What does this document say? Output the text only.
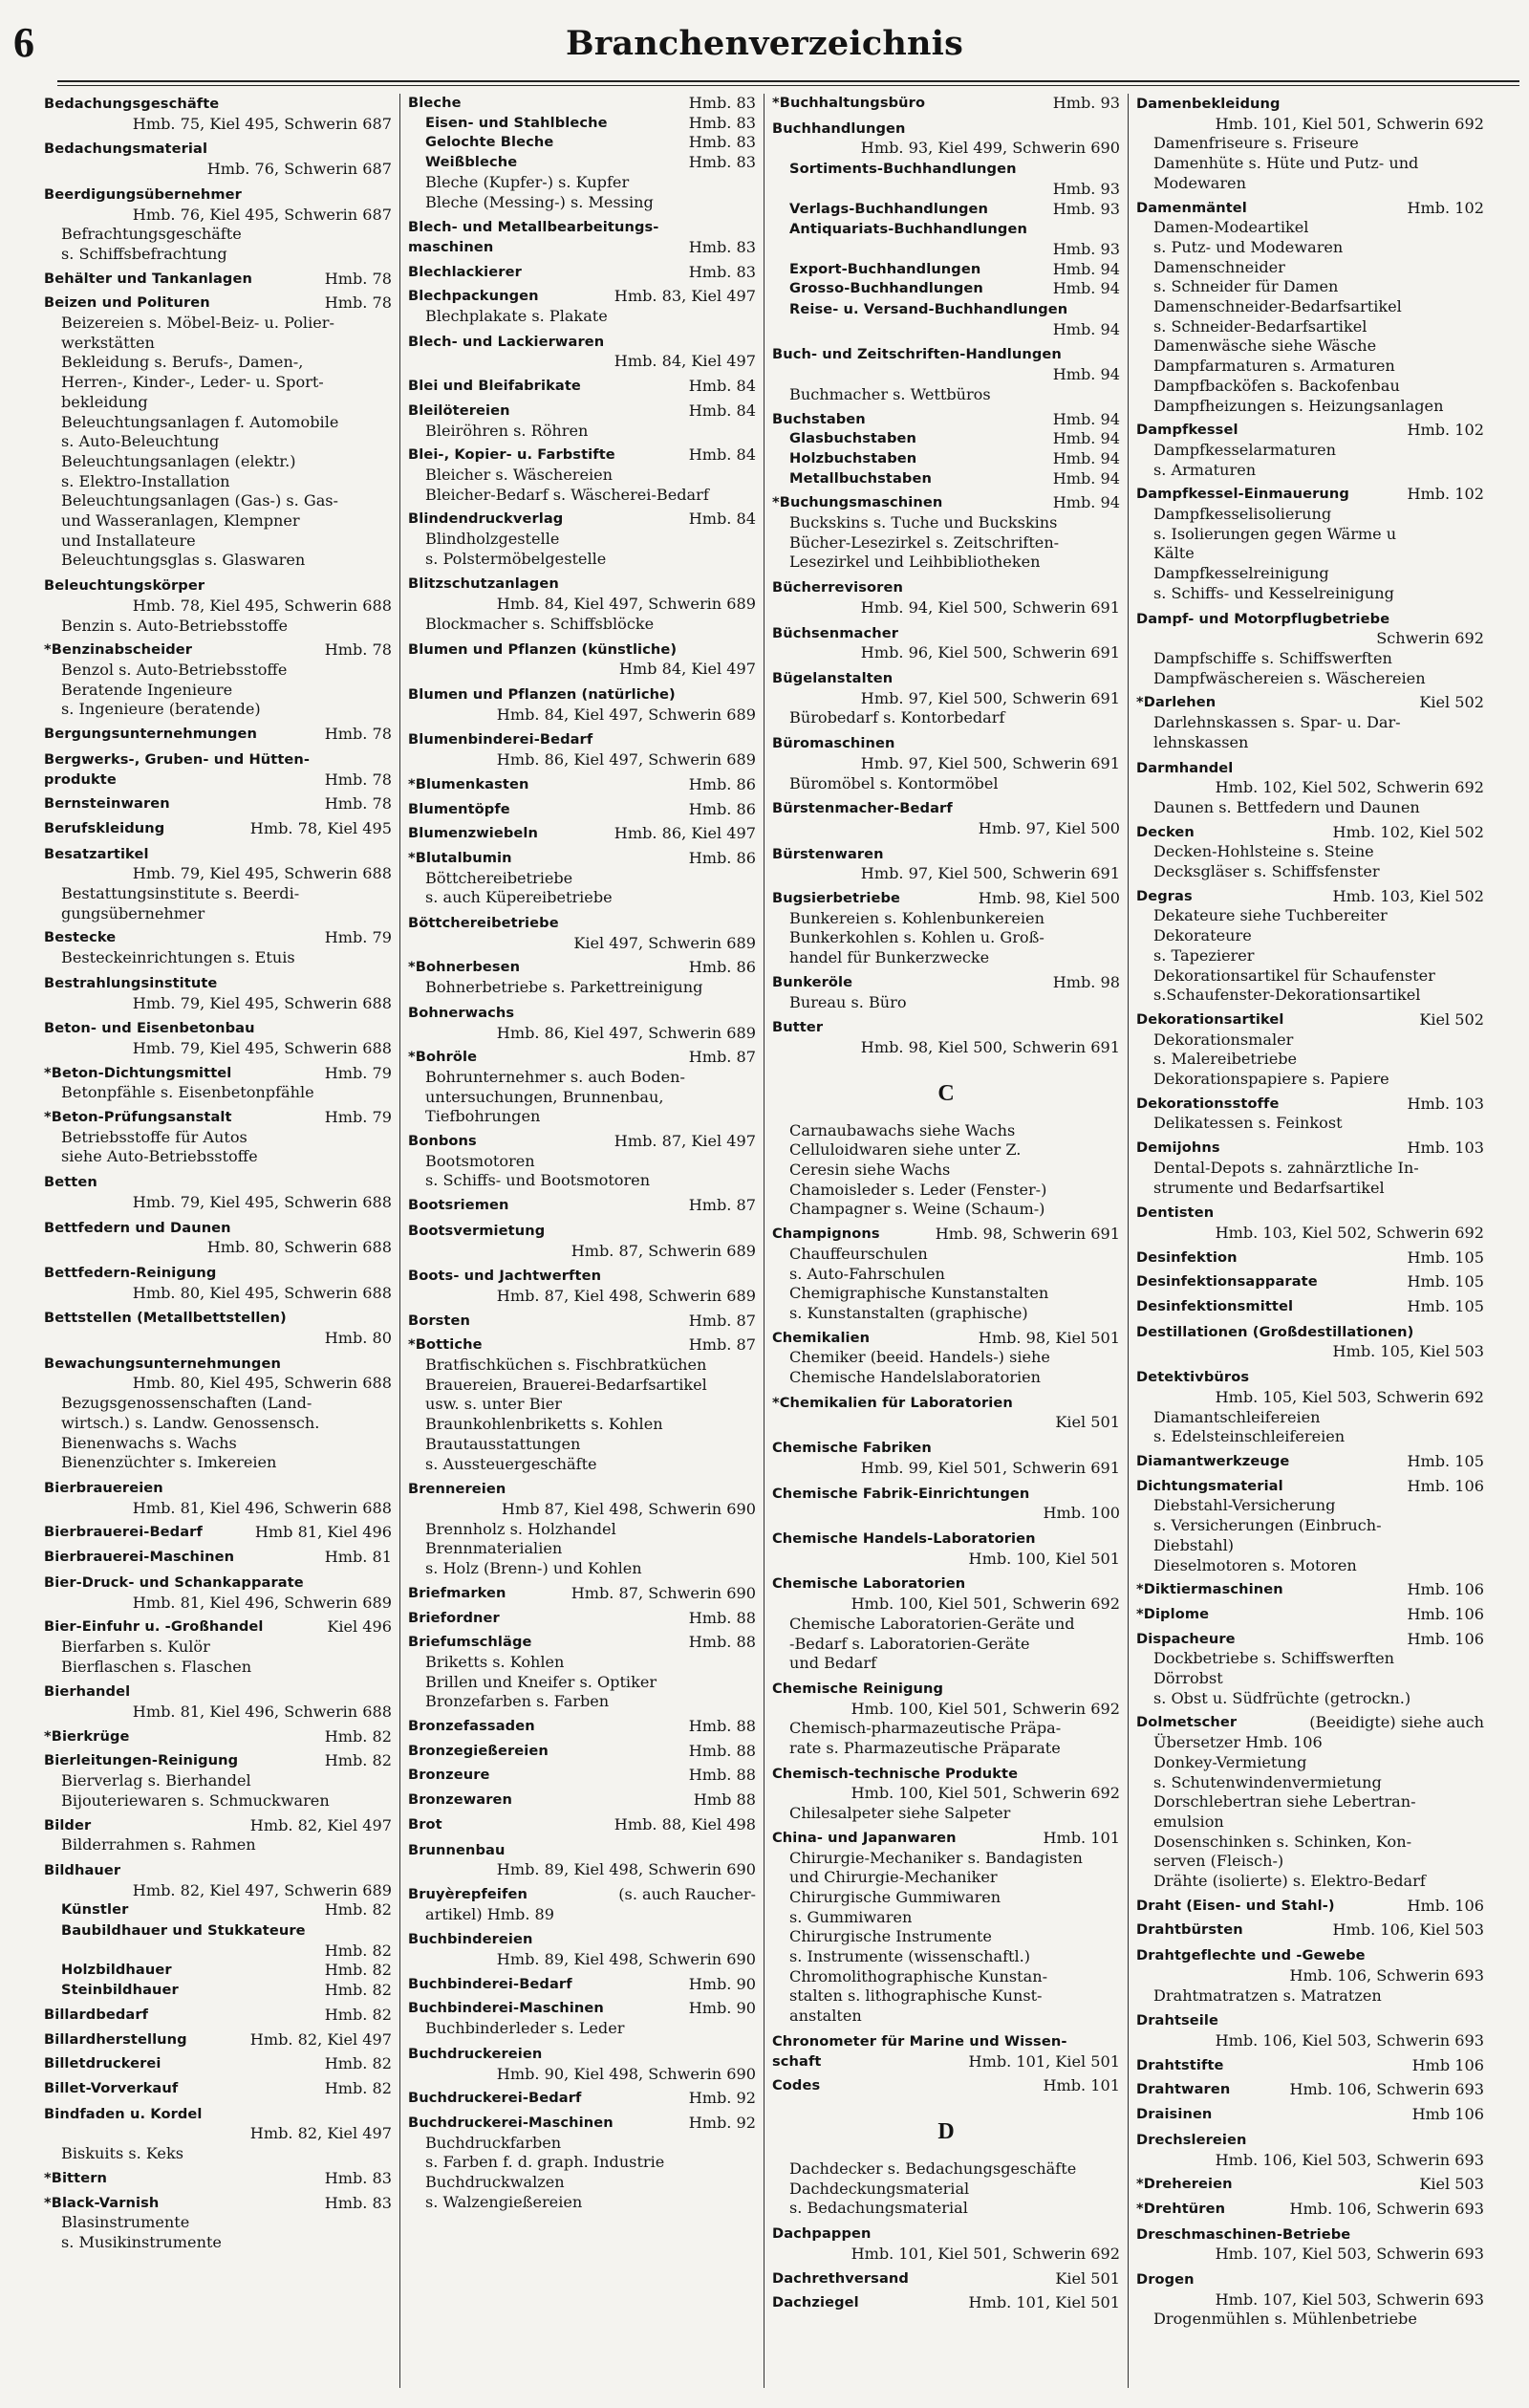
6	Branchenverzeichnis
Bedachungsgeschäfte
Hmb. 75, Kiel 495, Schwerin 687
Bedachungsmaterial
Hmb. 76, Schwerin 687
Beerdigungsübernehmer
Hmb. 76, Kiel 495, Schwerin 687
Befrachtungsgeschäfte
s. Schiffsbefrachtung
Behälter und Tankanlagen	Hmb. 78
Beizen und Polituren	Hmb. 78
Beizereien s. Möbel-Beiz- u. Polier-
werkstätten
Bekleidung s. Berufs-, Damen-,
Herren-, Kinder-, Leder- u. Sport-
bekleidung
Beleuchtungsanlagen f. Automobile
s. Auto-Beleuchtung
Beleuchtungsanlagen (elektr.)
s. Elektro-Installation
Beleuchtungsanlagen (Gas-) s. Gas-
und Wasseranlagen, Klempner
und Installateure
Beleuchtungsglas s. Glaswaren
Beleuchtungskörper
Hmb. 78, Kiel 495, Schwerin 688
Benzin s. Auto-Betriebsstoffe
*Benzinabscheider	Hmb. 78
Benzol s. Auto-Betriebsstoffe
Beratende Ingenieure
s. Ingenieure (beratende)
Bergungsunternehmungen	Hmb. 78
Bergwerks-, Gruben- und Hütten-
produkte	Hmb. 78
Bernsteinwaren	Hmb. 78
Berufskleidung	Hmb. 78, Kiel 495
Besatzartikel
Hmb. 79, Kiel 495, Schwerin 688
Bestattungsinstitute s. Beerdi-
gungsübernehmer
Bestecke	Hmb. 79
Besteckeinrichtungen s. Etuis
Bestrahlungsinstitute
Hmb. 79, Kiel 495, Schwerin 688
Beton- und Eisenbetonbau
Hmb. 79, Kiel 495, Schwerin 688
*Beton-Dichtungsmittel	Hmb. 79
Betonpfähle s. Eisenbetonpfähle
*Beton-Prüfungsanstalt	Hmb. 79
Betriebsstoffe für Autos
siehe Auto-Betriebsstoffe
Betten
Hmb. 79, Kiel 495, Schwerin 688
Bettfedern und Daunen
Hmb. 80, Schwerin 688
Bettfedern-Reinigung
Hmb. 80, Kiel 495, Schwerin 688
Bettstellen (Metallbettstellen)
Hmb. 80
Bewachungsunternehmungen
Hmb. 80, Kiel 495, Schwerin 688
Bezugsgenossenschaften (Land-
wirtsch.) s. Landw. Genossensch.
Bienenwachs s. Wachs
Bienenzüchter s. Imkereien
Bierbrauereien
Hmb. 81, Kiel 496, Schwerin 688
Bierbrauerei-Bedarf	Hmb 81, Kiel 496
Bierbrauerei-Maschinen	Hmb. 81
Bier-Druck- und Schankapparate
Hmb. 81, Kiel 496, Schwerin 689
Bier-Einfuhr u. -Großhandel	Kiel 496
Bierfarben s. Kulör
Bierflaschen s. Flaschen
Bierhandel
Hmb. 81, Kiel 496, Schwerin 688
*Bierkrüge	Hmb. 82
Bierleitungen-Reinigung	Hmb. 82
Bierverlag s. Bierhandel
Bijouteriewaren s. Schmuckwaren
Bilder	Hmb. 82, Kiel 497
Bilderrahmen s. Rahmen
Bildhauer
Hmb. 82, Kiel 497, Schwerin 689
Künstler	Hmb. 82
Baubildhauer und Stukkateure
Hmb. 82
Holzbildhauer	Hmb. 82
Steinbildhauer	Hmb. 82
Billardbedarf	Hmb. 82
Billardherstellung	Hmb. 82, Kiel 497
Billetdruckerei	Hmb. 82
Billet-Vorverkauf	Hmb. 82
Bindfaden u. Kordel
Hmb. 82, Kiel 497
Biskuits s. Keks
*Bittern	Hmb. 83
*Black-Varnish	Hmb. 83
Blasinstrumente
s. Musikinstrumente
Bleche	Hmb. 83
Eisen- und Stahlbleche	Hmb. 83
Gelochte Bleche	Hmb. 83
Weißbleche	Hmb. 83
Bleche (Kupfer-) s. Kupfer
Bleche (Messing-) s. Messing
Blech- und Metallbearbeitungs-
maschinen	Hmb. 83
Blechlackierer	Hmb. 83
Blechpackungen	Hmb. 83, Kiel 497
Blechplakate s. Plakate
Blech- und Lackierwaren
Hmb. 84, Kiel 497
Blei und Bleifabrikate	Hmb. 84
Bleilötereien	Hmb. 84
Bleiröhren s. Röhren
Blei-, Kopier- u. Farbstifte	Hmb. 84
Bleicher s. Wäschereien
Bleicher-Bedarf s. Wäscherei-Bedarf
Blindendruckverlag	Hmb. 84
Blindholzgestelle
s. Polstermöbelgestelle
Blitzschutzanlagen
Hmb. 84, Kiel 497, Schwerin 689
Blockmacher s. Schiffsblöcke
Blumen und Pflanzen (künstliche)
Hmb 84, Kiel 497
Blumen und Pflanzen (natürliche)
Hmb. 84, Kiel 497, Schwerin 689
Blumenbinderei-Bedarf
Hmb. 86, Kiel 497, Schwerin 689
*Blumenkasten	Hmb. 86
Blumentöpfe	Hmb. 86
Blumenzwiebeln	Hmb. 86, Kiel 497
*Blutalbumin	Hmb. 86
Böttchereibetriebe
s. auch Küpereibetriebe
Böttchereibetriebe
Kiel 497, Schwerin 689
*Bohnerbesen	Hmb. 86
Bohnerbetriebe s. Parkettreinigung
Bohnerwachs
Hmb. 86, Kiel 497, Schwerin 689
*Bohröle	Hmb. 87
Bohrunternehmer s. auch Boden-
untersuchungen, Brunnenbau,
Tiefbohrungen
Bonbons	Hmb. 87, Kiel 497
Bootsmotoren
s. Schiffs- und Bootsmotoren
Bootsriemen	Hmb. 87
Bootsvermietung
Hmb. 87, Schwerin 689
Boots- und Jachtwerften
Hmb. 87, Kiel 498, Schwerin 689
Borsten	Hmb. 87
*Bottiche	Hmb. 87
Bratfischküchen s. Fischbratküchen
Brauereien, Brauerei-Bedarfsartikel
usw. s. unter Bier
Braunkohlenbriketts s. Kohlen
Brautausstattungen
s. Aussteuergeschäfte
Brennereien
Hmb 87, Kiel 498, Schwerin 690
Brennholz s. Holzhandel
Brennmaterialien
s. Holz (Brenn-) und Kohlen
Briefmarken	Hmb. 87, Schwerin 690
Briefordner	Hmb. 88
Briefumschläge	Hmb. 88
Briketts s. Kohlen
Brillen und Kneifer s. Optiker
Bronzefarben s. Farben
Bronzefassaden	Hmb. 88
Bronzegießereien	Hmb. 88
Bronzeure	Hmb. 88
Bronzewaren	Hmb 88
Brot	Hmb. 88, Kiel 498
Brunnenbau
Hmb. 89, Kiel 498, Schwerin 690
Bruyèrepfeifen	(s. auch Raucher-
artikel) Hmb. 89
Buchbindereien
Hmb. 89, Kiel 498, Schwerin 690
Buchbinderei-Bedarf	Hmb. 90
Buchbinderei-Maschinen	Hmb. 90
Buchbinderleder s. Leder
Buchdruckereien
Hmb. 90, Kiel 498, Schwerin 690
Buchdruckerei-Bedarf	Hmb. 92
Buchdruckerei-Maschinen	Hmb. 92
Buchdruckfarben
s. Farben f. d. graph. Industrie
Buchdruckwalzen
s. Walzengießereien
*Buchhaltungsbüro	Hmb. 93
Buchhandlungen
Hmb. 93, Kiel 499, Schwerin 690
Sortiments-Buchhandlungen
Hmb. 93
Verlags-Buchhandlungen	Hmb. 93
Antiquariats-Buchhandlungen
Hmb. 93
Export-Buchhandlungen	Hmb. 94
Grosso-Buchhandlungen	Hmb. 94
Reise- u. Versand-Buchhandlungen
Hmb. 94
Buch- und Zeitschriften-Handlungen
Hmb. 94
Buchmacher s. Wettbüros
Buchstaben	Hmb. 94
Glasbuchstaben	Hmb. 94
Holzbuchstaben	Hmb. 94
Metallbuchstaben	Hmb. 94
*Buchungsmaschinen	Hmb. 94
Buckskins s. Tuche und Buckskins
Bücher-Lesezirkel s. Zeitschriften-
Lesezirkel und Leihbibliotheken
Bücherrevisoren
Hmb. 94, Kiel 500, Schwerin 691
Büchsenmacher
Hmb. 96, Kiel 500, Schwerin 691
Bügelanstalten
Hmb. 97, Kiel 500, Schwerin 691
Bürobedarf s. Kontorbedarf
Büromaschinen
Hmb. 97, Kiel 500, Schwerin 691
Büromöbel s. Kontormöbel
Bürstenmacher-Bedarf
Hmb. 97, Kiel 500
Bürstenwaren
Hmb. 97, Kiel 500, Schwerin 691
Bugsierbetriebe	Hmb. 98, Kiel 500
Bunkereien s. Kohlenbunkereien
Bunkerkohlen s. Kohlen u. Groß-
handel für Bunkerzwecke
Bunkeröle	Hmb. 98
Bureau s. Büro
Butter
Hmb. 98, Kiel 500, Schwerin 691
C
Carnaubawachs siehe Wachs
Celluloidwaren siehe unter Z.
Ceresin siehe Wachs
Chamoisleder s. Leder (Fenster-)
Champagner s. Weine (Schaum-)
Champignons	Hmb. 98, Schwerin 691
Chauffeurschulen
s. Auto-Fahrschulen
Chemigraphische Kunstanstalten
s. Kunstanstalten (graphische)
Chemikalien	Hmb. 98, Kiel 501
Chemiker (beeid. Handels-) siehe
Chemische Handelslaboratorien
*Chemikalien für Laboratorien
Kiel 501
Chemische Fabriken
Hmb. 99, Kiel 501, Schwerin 691
Chemische Fabrik-Einrichtungen
Hmb. 100
Chemische Handels-Laboratorien
Hmb. 100, Kiel 501
Chemische Laboratorien
Hmb. 100, Kiel 501, Schwerin 692
Chemische Laboratorien-Geräte und
-Bedarf s. Laboratorien-Geräte
und Bedarf
Chemische Reinigung
Hmb. 100, Kiel 501, Schwerin 692
Chemisch-pharmazeutische Präpa-
rate s. Pharmazeutische Präparate
Chemisch-technische Produkte
Hmb. 100, Kiel 501, Schwerin 692
Chilesalpeter siehe Salpeter
China- und Japanwaren	Hmb. 101
Chirurgie-Mechaniker s. Bandagisten
und Chirurgie-Mechaniker
Chirurgische Gummiwaren
s. Gummiwaren
Chirurgische Instrumente
s. Instrumente (wissenschaftl.)
Chromolithographische Kunstan-
stalten s. lithographische Kunst-
anstalten
Chronometer für Marine und Wissen-
schaft	Hmb. 101, Kiel 501
Codes	Hmb. 101
D
Dachdecker s. Bedachungsgeschäfte
Dachdeckungsmaterial
s. Bedachungsmaterial
Dachpappen
Hmb. 101, Kiel 501, Schwerin 692
Dachrethversand	Kiel 501
Dachziegel	Hmb. 101, Kiel 501
Damenbekleidung
Hmb. 101, Kiel 501, Schwerin 692
Damenfriseure s. Friseure
Damenhüte s. Hüte und Putz- und
Modewaren
Damenmäntel	Hmb. 102
Damen-Modeartikel
s. Putz- und Modewaren
Damenschneider
s. Schneider für Damen
Damenschneider-Bedarfsartikel
s. Schneider-Bedarfsartikel
Damenwäsche siehe Wäsche
Dampfarmaturen s. Armaturen
Dampfbacköfen s. Backofenbau
Dampfheizungen s. Heizungsanlagen
Dampfkessel	Hmb. 102
Dampfkesselarmaturen
s. Armaturen
Dampfkessel-Einmauerung	Hmb. 102
Dampfkesselisolierung
s. Isolierungen gegen Wärme u
Kälte
Dampfkesselreinigung
s. Schiffs- und Kesselreinigung
Dampf- und Motorpflugbetriebe
Schwerin 692
Dampfschiffe s. Schiffswerften
Dampfwäschereien s. Wäschereien
*Darlehen	Kiel 502
Darlehnskassen s. Spar- u. Dar-
lehnskassen
Darmhandel
Hmb. 102, Kiel 502, Schwerin 692
Daunen s. Bettfedern und Daunen
Decken	Hmb. 102, Kiel 502
Decken-Hohlsteine s. Steine
Decksgläser s. Schiffsfenster
Degras	Hmb. 103, Kiel 502
Dekateure siehe Tuchbereiter
Dekorateure
s. Tapezierer
Dekorationsartikel für Schaufenster
s.Schaufenster-Dekorationsartikel
Dekorationsartikel	Kiel 502
Dekorationsmaler
s. Malereibetriebe
Dekorationspapiere s. Papiere
Dekorationsstoffe	Hmb. 103
Delikatessen s. Feinkost
Demijohns	Hmb. 103
Dental-Depots s. zahnärztliche In-
strumente und Bedarfsartikel
Dentisten
Hmb. 103, Kiel 502, Schwerin 692
Desinfektion	Hmb. 105
Desinfektionsapparate	Hmb. 105
Desinfektionsmittel	Hmb. 105
Destillationen (Großdestillationen)
Hmb. 105, Kiel 503
Detektivbüros
Hmb. 105, Kiel 503, Schwerin 692
Diamantschleifereien
s. Edelsteinschleifereien
Diamantwerkzeuge	Hmb. 105
Dichtungsmaterial	Hmb. 106
Diebstahl-Versicherung
s. Versicherungen (Einbruch-
Diebstahl)
Dieselmotoren s. Motoren
*Diktiermaschinen	Hmb. 106
*Diplome	Hmb. 106
Dispacheure	Hmb. 106
Dockbetriebe s. Schiffswerften
Dörrobst
s. Obst u. Südfrüchte (getrockn.)
Dolmetscher	(Beeidigte) siehe auch
Übersetzer Hmb. 106
Donkey-Vermietung
s. Schutenwindenvermietung
Dorschlebertran siehe Lebertran-
emulsion
Dosenschinken s. Schinken, Kon-
serven (Fleisch-)
Drähte (isolierte) s. Elektro-Bedarf
Draht (Eisen- und Stahl-)	Hmb. 106
Drahtbürsten	Hmb. 106, Kiel 503
Drahtgeflechte und -Gewebe
Hmb. 106, Schwerin 693
Drahtmatratzen s. Matratzen
Drahtseile
Hmb. 106, Kiel 503, Schwerin 693
Drahtstifte	Hmb 106
Drahtwaren	Hmb. 106, Schwerin 693
Draisinen	Hmb 106
Drechslereien
Hmb. 106, Kiel 503, Schwerin 693
*Drehereien	Kiel 503
*Drehtüren	Hmb. 106, Schwerin 693
Dreschmaschinen-Betriebe
Hmb. 107, Kiel 503, Schwerin 693
Drogen
Hmb. 107, Kiel 503, Schwerin 693
Drogenmühlen s. Mühlenbetriebe
